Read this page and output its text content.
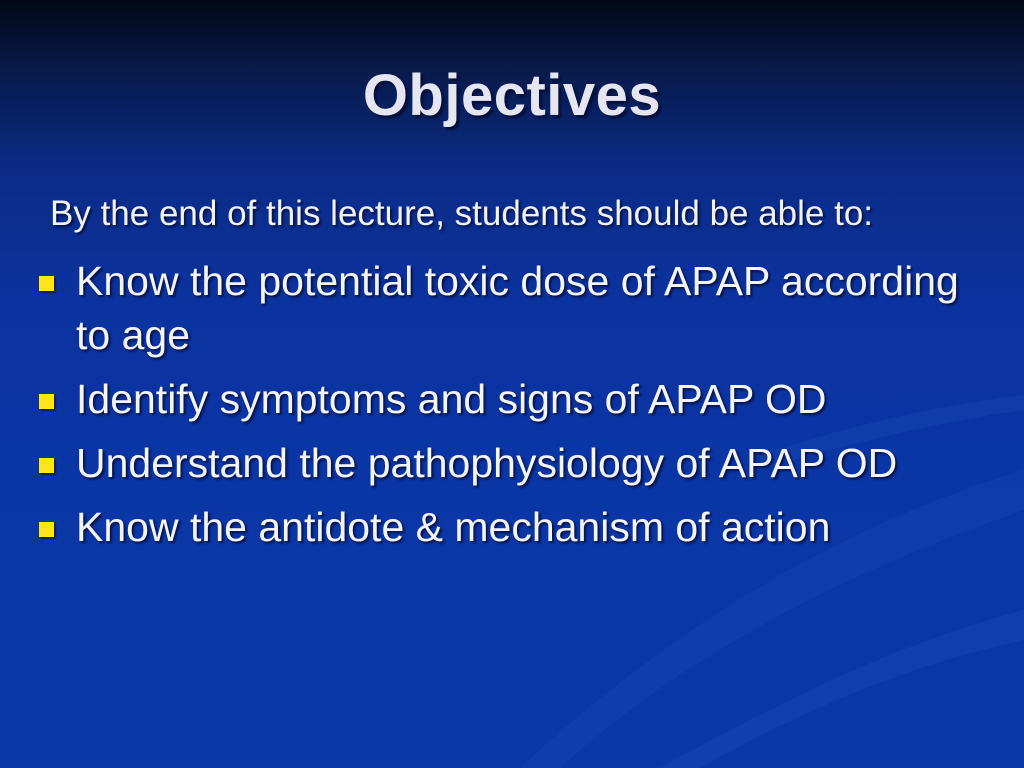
Objectives
By the end of this lecture, students should be able to:
Know the potential toxic dose of APAP according to age
Identify symptoms and signs of APAP OD
Understand the pathophysiology of APAP OD
Know the antidote & mechanism of action
